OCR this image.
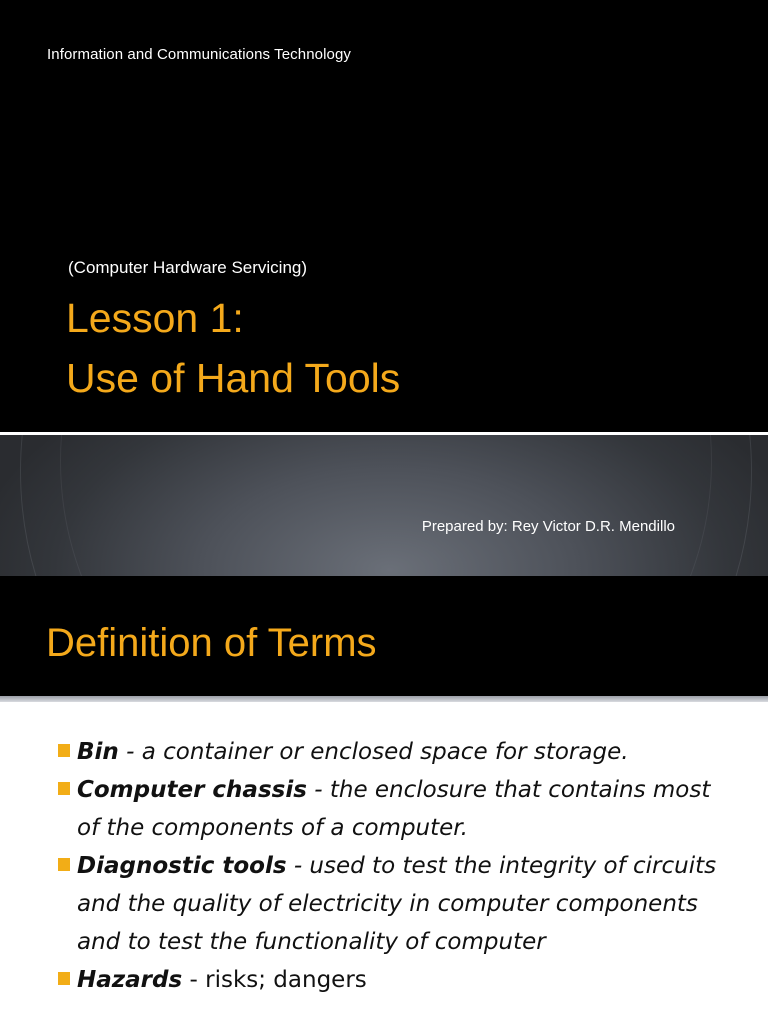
Information and Communications Technology
(Computer Hardware Servicing)
Lesson 1:
Use of Hand Tools
Prepared by: Rey Victor D.R. Mendillo
Definition of Terms
Bin - a container or enclosed space for storage.
Computer chassis - the enclosure that contains most of the components of a computer.
Diagnostic tools - used to test the integrity of circuits and the quality of electricity in computer components and to test the functionality of computer
Hazards - risks; dangers
